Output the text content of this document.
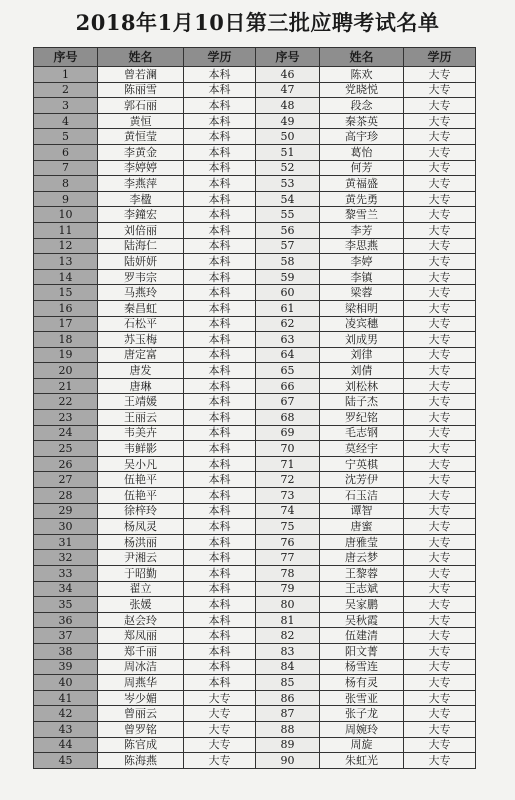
2018年1月10日第三批应聘考试名单
序号	姓名	学历	序号	姓名	学历
1	曾若澜	本科	46	陈欢	大专
2	陈丽雪	本科	47	党晓悦	大专
3	郭石丽	本科	48	段念	大专
4	黄恒	本科	49	秦茶英	大专
5	黄恒莹	本科	50	高宇珍	大专
6	李黄金	本科	51	葛怡	大专
7	李婷婷	本科	52	何芳	大专
8	李燕萍	本科	53	黄福盛	大专
9	李楹	本科	54	黄先勇	大专
10	李鐘宏	本科	55	黎雪兰	大专
11	刘倍丽	本科	56	李芳	大专
12	陆海仁	本科	57	李思燕	大专
13	陆妍妍	本科	58	李婷	大专
14	罗韦宗	本科	59	李镇	大专
15	马燕玲	本科	60	梁蓉	大专
16	秦昌虹	本科	61	梁相明	大专
17	石松平	本科	62	凌宾穗	大专
18	苏玉梅	本科	63	刘成男	大专
19	唐定富	本科	64	刘律	大专
20	唐发	本科	65	刘倩	大专
21	唐琳	本科	66	刘松林	大专
22	王靖媛	本科	67	陆子杰	大专
23	王丽云	本科	68	罗纪铭	大专
24	韦美卉	本科	69	毛志钢	大专
25	韦鲜影	本科	70	莫经宇	大专
26	吴小凡	本科	71	宁英棋	大专
27	伍艳平	本科	72	沈芳伊	大专
28	伍艳平	本科	73	石玉洁	大专
29	徐梓玲	本科	74	谭智	大专
30	杨凤灵	本科	75	唐蜜	大专
31	杨洪丽	本科	76	唐雅莹	大专
32	尹湘云	本科	77	唐云梦	大专
33	于昭勤	本科	78	王黎蓉	大专
34	翟立	本科	79	王志斌	大专
35	张媛	本科	80	吴家鹏	大专
36	赵会玲	本科	81	吴秋霞	大专
37	郑凤丽	本科	82	伍建清	大专
38	郑千丽	本科	83	阳文菁	大专
39	周冰洁	本科	84	杨雪连	大专
40	周燕华	本科	85	杨有灵	大专
41	岑少媚	大专	86	张雪亚	大专
42	曾丽云	大专	87	张子龙	大专
43	曾罗铭	大专	88	周婉玲	大专
44	陈官成	大专	89	周旋	大专
45	陈海燕	大专	90	朱虹光	大专
